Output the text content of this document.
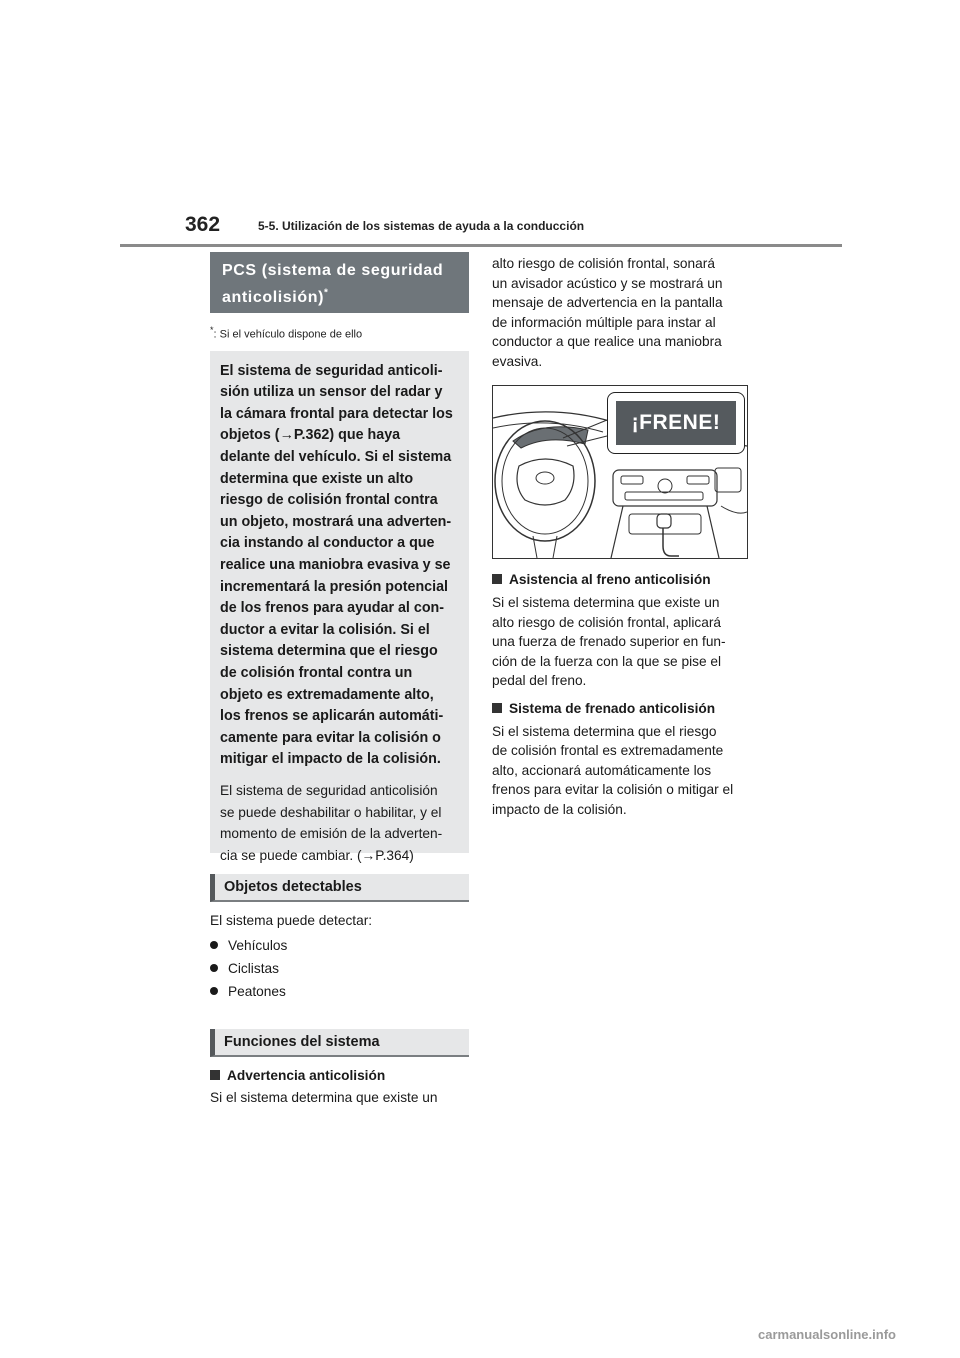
362	5-5. Utilización de los sistemas de ayuda a la conducción
PCS (sistema de seguridad
anticolisión)*

*: Si el vehículo dispone de ello

El sistema de seguridad anticoli-
sión utiliza un sensor del radar y
la cámara frontal para detectar los
objetos (→P.362) que haya
delante del vehículo. Si el sistema
determina que existe un alto
riesgo de colisión frontal contra
un objeto, mostrará una adverten-
cia instando al conductor a que
realice una maniobra evasiva y se
incrementará la presión potencial
de los frenos para ayudar al con-
ductor a evitar la colisión. Si el
sistema determina que el riesgo
de colisión frontal contra un
objeto es extremadamente alto,
los frenos se aplicarán automáti-
camente para evitar la colisión o
mitigar el impacto de la colisión.

El sistema de seguridad anticolisión
se puede deshabilitar o habilitar, y el
momento de emisión de la adverten-
cia se puede cambiar. (→P.364)

Objetos detectables

El sistema puede detectar:

Vehículos
Ciclistas
Peatones
Funciones del sistema

Advertencia anticolisión

Si el sistema determina que existe un

alto riesgo de colisión frontal, sonará
un avisador acústico y se mostrará un
mensaje de advertencia en la pantalla
de información múltiple para instar al
conductor a que realice una maniobra
evasiva.

¡FRENE!

Asistencia al freno anticolisión

Si el sistema determina que existe un
alto riesgo de colisión frontal, aplicará
una fuerza de frenado superior en fun-
ción de la fuerza con la que se pise el
pedal del freno.

Sistema de frenado anticolisión

Si el sistema determina que el riesgo
de colisión frontal es extremadamente
alto, accionará automáticamente los
frenos para evitar la colisión o mitigar el
impacto de la colisión.

carmanualsonline.info
